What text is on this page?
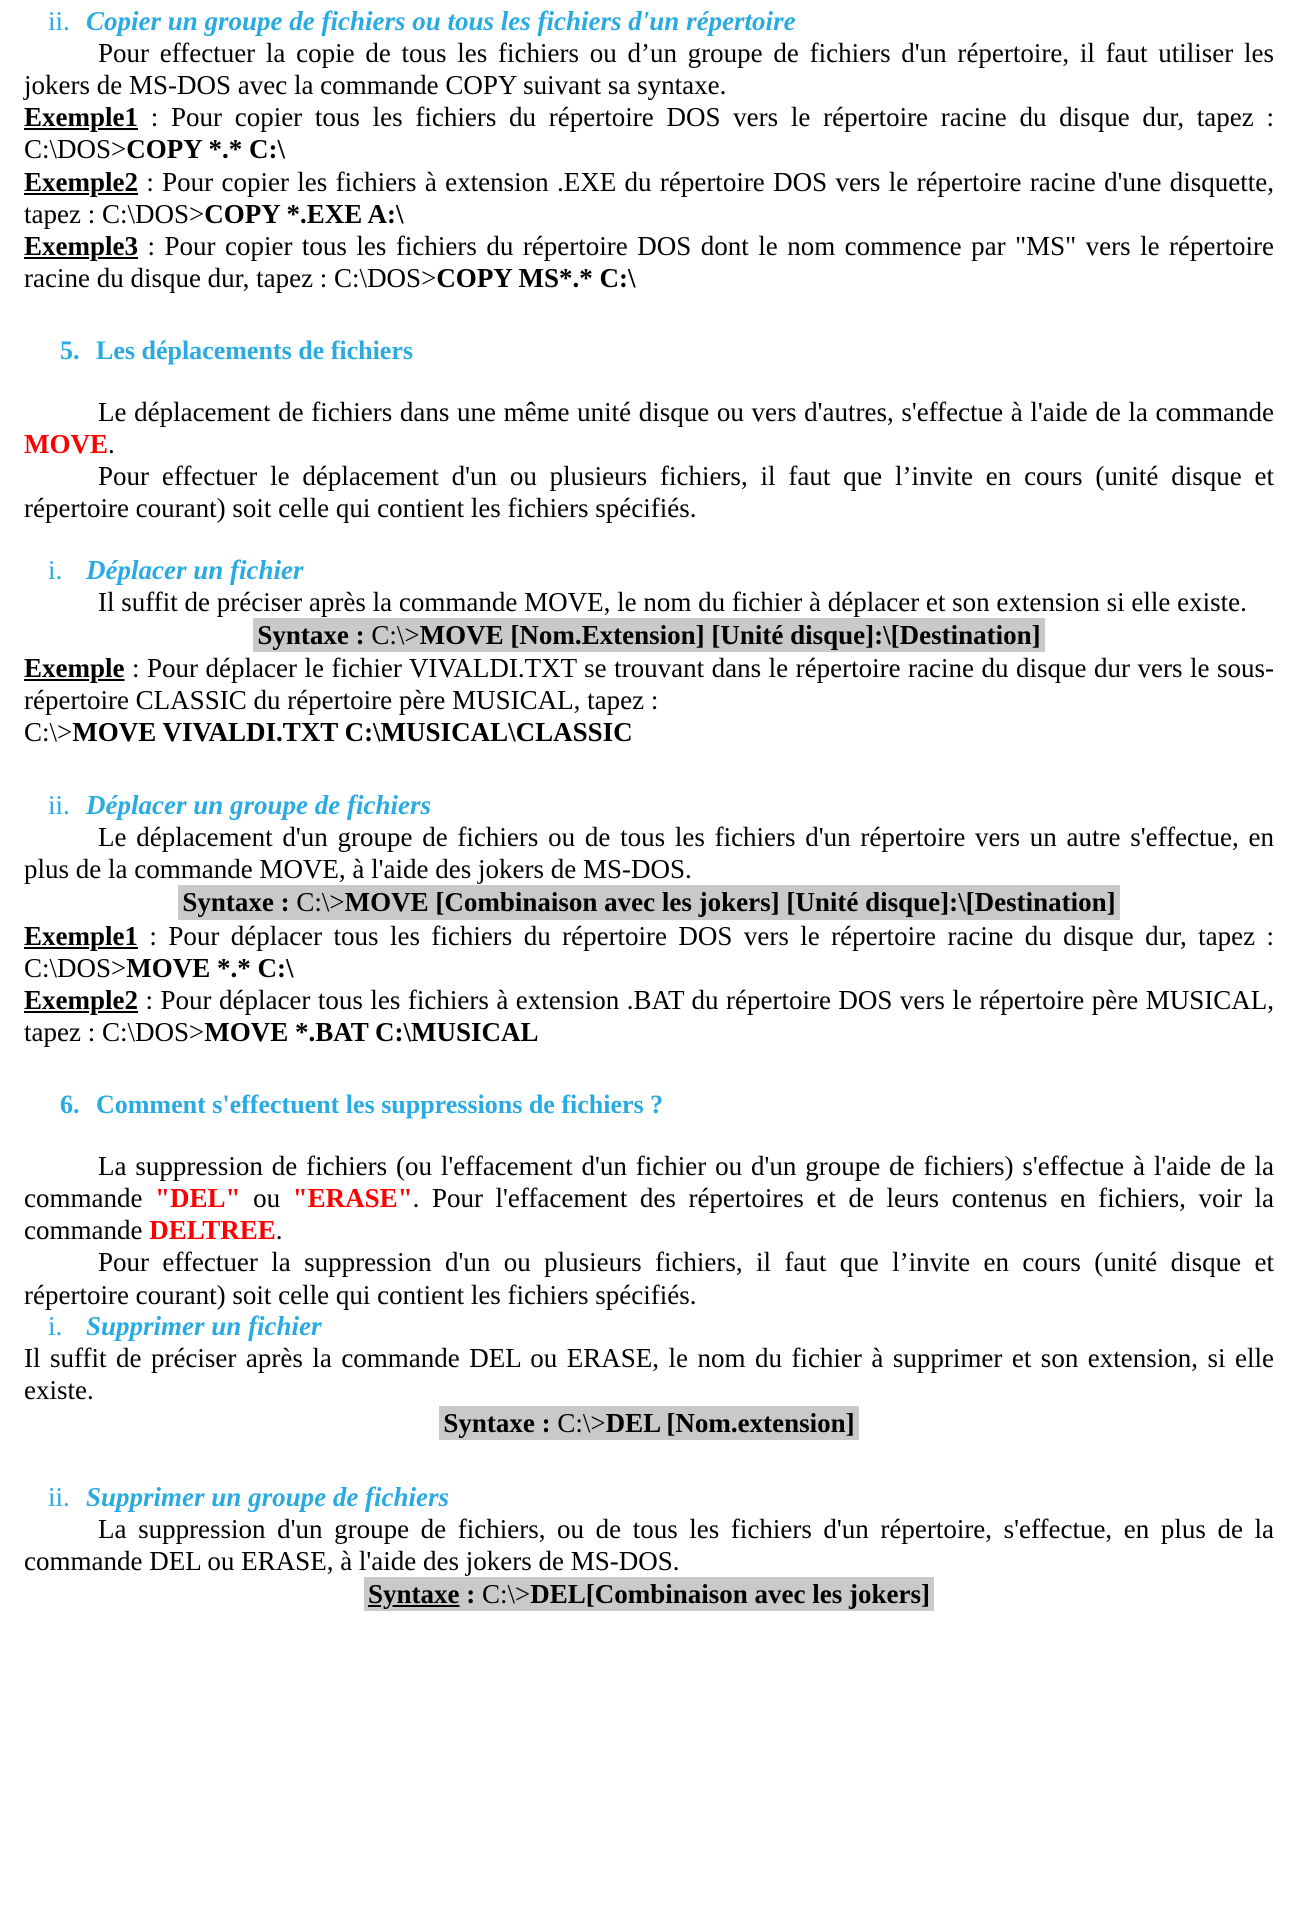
ii. Copier un groupe de fichiers ou tous les fichiers d'un répertoire

Pour effectuer la copie de tous les fichiers ou d’un groupe de fichiers d'un répertoire, il faut utiliser les jokers de MS-DOS avec la commande COPY suivant sa syntaxe.

Exemple1 : Pour copier tous les fichiers du répertoire DOS vers le répertoire racine du disque dur, tapez : C:\DOS>COPY *.* C:\

Exemple2 : Pour copier les fichiers à extension .EXE du répertoire DOS vers le répertoire racine d'une disquette, tapez : C:\DOS>COPY *.EXE A:\

Exemple3 : Pour copier tous les fichiers du répertoire DOS dont le nom commence par "MS" vers le répertoire racine du disque dur, tapez : C:\DOS>COPY MS*.* C:\

5. Les déplacements de fichiers

Le déplacement de fichiers dans une même unité disque ou vers d'autres, s'effectue à l'aide de la commande MOVE.

Pour effectuer le déplacement d'un ou plusieurs fichiers, il faut que l’invite en cours (unité disque et répertoire courant) soit celle qui contient les fichiers spécifiés.

i. Déplacer un fichier

Il suffit de préciser après la commande MOVE, le nom du fichier à déplacer et son extension si elle existe.

Syntaxe : C:\>MOVE [Nom.Extension] [Unité disque]:\[Destination]

Exemple : Pour déplacer le fichier VIVALDI.TXT se trouvant dans le répertoire racine du disque dur vers le sous-répertoire CLASSIC du répertoire père MUSICAL, tapez :

C:\>MOVE VIVALDI.TXT C:\MUSICAL\CLASSIC

ii. Déplacer un groupe de fichiers

Le déplacement d'un groupe de fichiers ou de tous les fichiers d'un répertoire vers un autre s'effectue, en plus de la commande MOVE, à l'aide des jokers de MS-DOS.

Syntaxe : C:\>MOVE [Combinaison avec les jokers] [Unité disque]:\[Destination]

Exemple1 : Pour déplacer tous les fichiers du répertoire DOS vers le répertoire racine du disque dur, tapez : C:\DOS>MOVE *.* C:\

Exemple2 : Pour déplacer tous les fichiers à extension .BAT du répertoire DOS vers le répertoire père MUSICAL, tapez : C:\DOS>MOVE *.BAT C:\MUSICAL

6. Comment s'effectuent les suppressions de fichiers ?

La suppression de fichiers (ou l'effacement d'un fichier ou d'un groupe de fichiers) s'effectue à l'aide de la commande "DEL" ou "ERASE". Pour l'effacement des répertoires et de leurs contenus en fichiers, voir la commande DELTREE.

Pour effectuer la suppression d'un ou plusieurs fichiers, il faut que l’invite en cours (unité disque et répertoire courant) soit celle qui contient les fichiers spécifiés.

i. Supprimer un fichier

Il suffit de préciser après la commande DEL ou ERASE, le nom du fichier à supprimer et son extension, si elle existe.

Syntaxe : C:\>DEL [Nom.extension]
ii. Supprimer un groupe de fichiers

La suppression d'un groupe de fichiers, ou de tous les fichiers d'un répertoire, s'effectue, en plus de la commande DEL ou ERASE, à l'aide des jokers de MS-DOS.

Syntaxe : C:\>DEL[Combinaison avec les jokers]
